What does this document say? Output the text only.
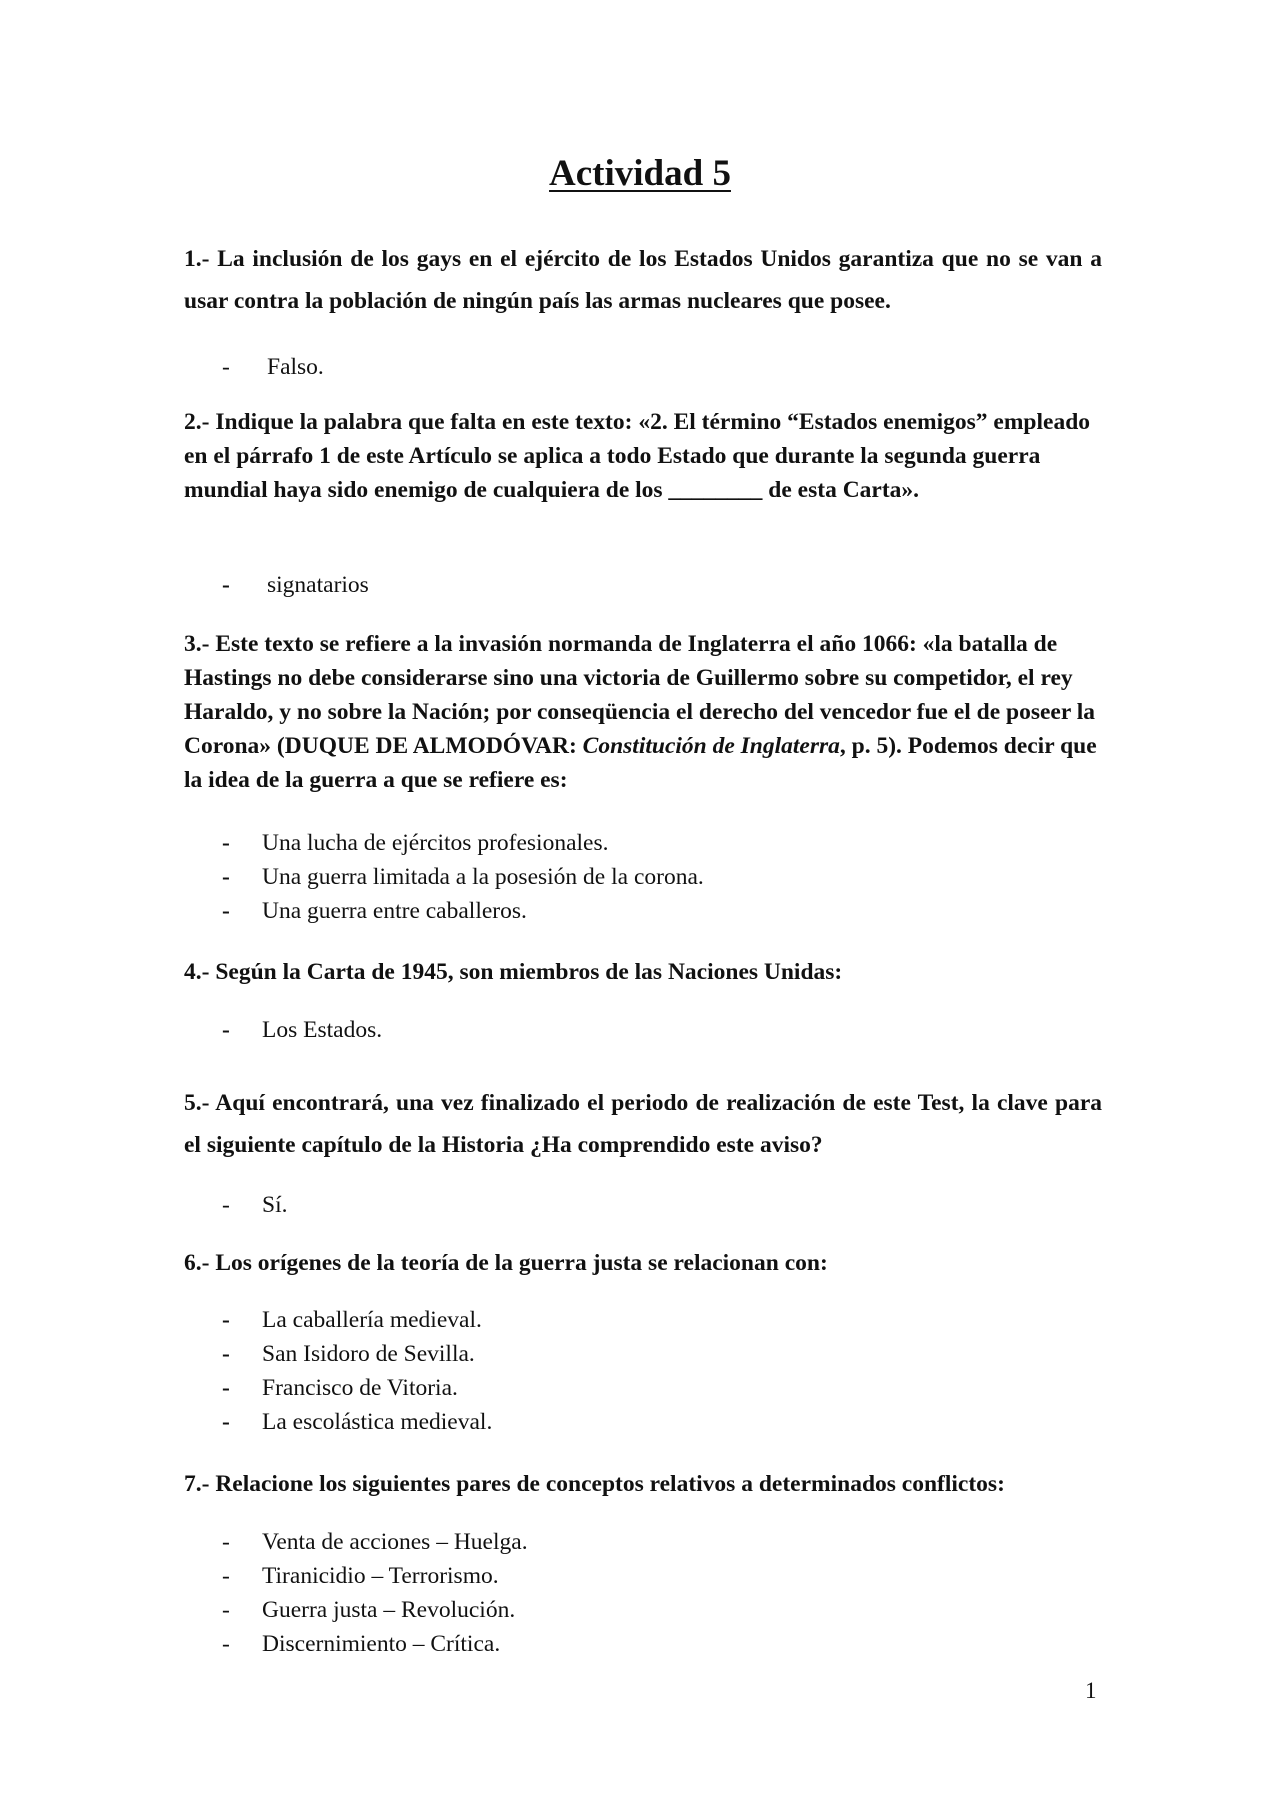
Actividad 5
1.- La inclusión de los gays en el ejército de los Estados Unidos garantiza que no se van a usar contra la población de ningún país las armas nucleares que posee.
-	Falso.
2.- Indique la palabra que falta en este texto: «2. El término “Estados enemigos” empleado en el párrafo 1 de este Artículo se aplica a todo Estado que durante la segunda guerra mundial haya sido enemigo de cualquiera de los ________ de esta Carta».
-	signatarios
3.- Este texto se refiere a la invasión normanda de Inglaterra el año 1066: «la batalla de Hastings no debe considerarse sino una victoria de Guillermo sobre su competidor, el rey Haraldo, y no sobre la Nación; por conseqüencia el derecho del vencedor fue el de poseer la Corona» (DUQUE DE ALMODÓVAR: Constitución de Inglaterra, p. 5). Podemos decir que la idea de la guerra a que se refiere es:
-	Una lucha de ejércitos profesionales.
-	Una guerra limitada a la posesión de la corona.
-	Una guerra entre caballeros.
4.- Según la Carta de 1945, son miembros de las Naciones Unidas:
-	Los Estados.
5.- Aquí encontrará, una vez finalizado el periodo de realización de este Test, la clave para el siguiente capítulo de la Historia ¿Ha comprendido este aviso?
-	Sí.
6.- Los orígenes de la teoría de la guerra justa se relacionan con:
-	La caballería medieval.
-	San Isidoro de Sevilla.
-	Francisco de Vitoria.
-	La escolástica medieval.
7.- Relacione los siguientes pares de conceptos relativos a determinados conflictos:
-	Venta de acciones – Huelga.
-	Tiranicidio – Terrorismo.
-	Guerra justa – Revolución.
-	Discernimiento – Crítica.
1
